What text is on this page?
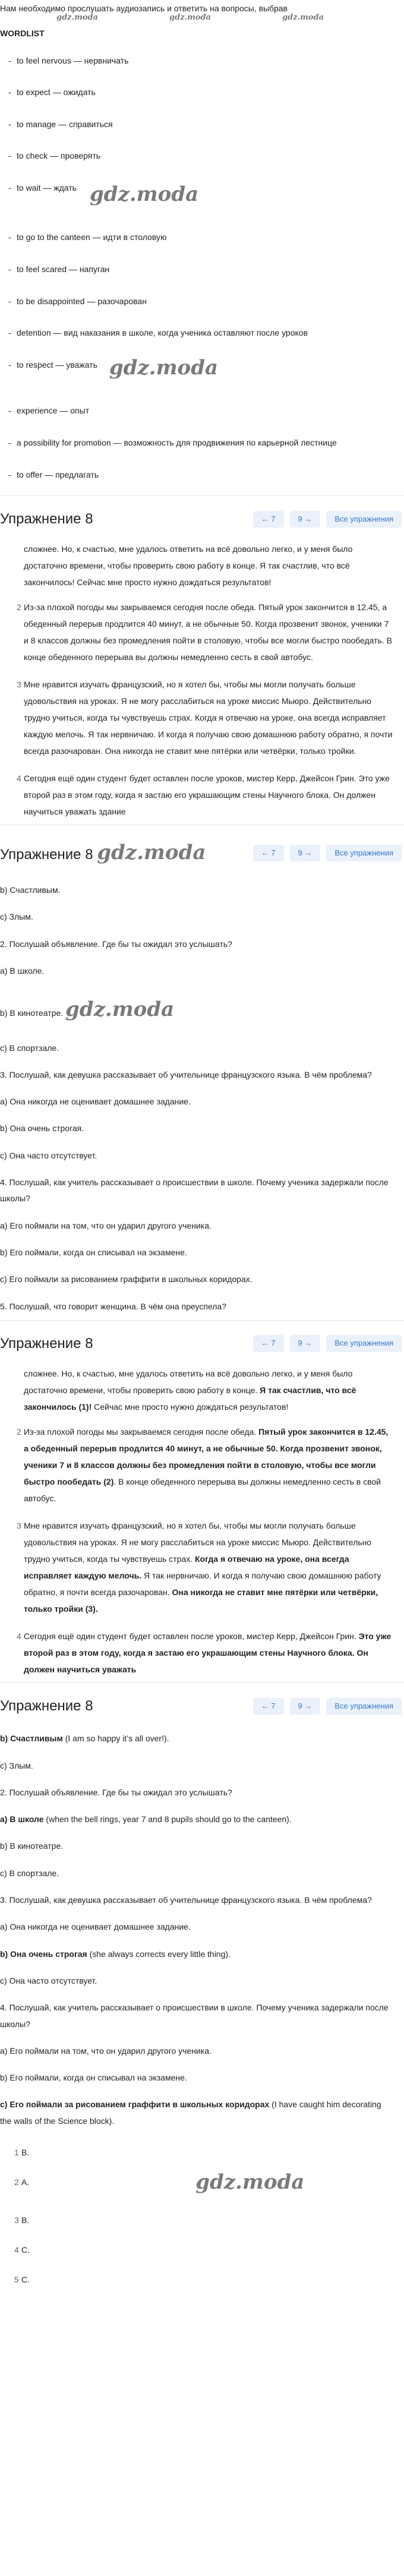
Нам необходимо прослушать аудиозапись и ответить на вопросы, выбрав

gdz.moda	gdz.moda	gdz.moda
WORDLIST
- to feel nervous — нервничать
- to expect — ожидать
- to manage — справиться
- to check — проверять
- to wait — ждать gdz.moda
- to go to the canteen — идти в столовую
- to feel scared — напуган
- to be disappointed — разочарован
- detention — вид наказания в школе, когда ученика оставляют после уроков
- to respect — уважать gdz.moda
- experience — опыт
- a possibility for promotion — возможность для продвижения по карьерной лестнице
- to offer — предлагать
Упражнение 8	← 7	9 →	Все упражнения

сложнее. Но, к счастью, мне удалось ответить на всё довольно легко, и у меня было достаточно времени, чтобы проверить свою работу в конце. Я так счастлив, что всё закончилось! Сейчас мне просто нужно дождаться результатов!

2 Из-за плохой погоды мы закрываемся сегодня после обеда. Пятый урок закончится в 12.45, а обеденный перерыв продлится 40 минут, а не обычные 50. Когда прозвенит звонок, ученики 7 и 8 классов должны без промедления пойти в столовую, чтобы все могли быстро пообедать. В конце обеденного перерыва вы должны немедленно сесть в свой автобус.
3 Мне нравится изучать французский, но я хотел бы, чтобы мы могли получать больше удовольствия на уроках. Я не могу расслабиться на уроке миссис Мьюро. Действительно трудно учиться, когда ты чувствуешь страх. Когда я отвечаю на уроке, она всегда исправляет каждую мелочь. Я так нервничаю. И когда я получаю свою домашнюю работу обратно, я почти всегда разочарован. Она никогда не ставит мне пятёрки или четвёрки, только тройки.
4 Сегодня ещё один студент будет оставлен после уроков, мистер Керр, Джейсон Грин. Это уже второй раз в этом году, когда я застаю его украшающим стены Научного блока. Он должен научиться уважать здание
Упражнение 8 gdz.moda	← 7	9 →	Все упражнения

b) Счастливым.

c) Злым.

2. Послушай объявление. Где бы ты ожидал это услышать?

a) В школе.

b) В кинотеатре. gdz.moda

c) В спортзале.

3. Послушай, как девушка рассказывает об учительнице французского языка. В чём проблема?

a) Она никогда не оценивает домашнее задание.

b) Она очень строгая.

c) Она часто отсутствует.

4. Послушай, как учитель рассказывает о происшествии в школе. Почему ученика задержали после школы?

a) Его поймали на том, что он ударил другого ученика.

b) Его поймали, когда он списывал на экзамене.

c) Его поймали за рисованием граффити в школьных коридорах.

5. Послушай, что говорит женщина. В чём она преуспела?

Упражнение 8	← 7	9 →	Все упражнения

сложнее. Но, к счастью, мне удалось ответить на всё довольно легко, и у меня было достаточно времени, чтобы проверить свою работу в конце. Я так счастлив, что всё закончилось (1)! Сейчас мне просто нужно дождаться результатов!

2 Из-за плохой погоды мы закрываемся сегодня после обеда. Пятый урок закончится в 12.45, а обеденный перерыв продлится 40 минут, а не обычные 50. Когда прозвенит звонок, ученики 7 и 8 классов должны без промедления пойти в столовую, чтобы все могли быстро пообедать (2). В конце обеденного перерыва вы должны немедленно сесть в свой автобус.
3 Мне нравится изучать французский, но я хотел бы, чтобы мы могли получать больше удовольствия на уроках. Я не могу расслабиться на уроке миссис Мьюро. Действительно трудно учиться, когда ты чувствуешь страх. Когда я отвечаю на уроке, она всегда исправляет каждую мелочь. Я так нервничаю. И когда я получаю свою домашнюю работу обратно, я почти всегда разочарован. Она никогда не ставит мне пятёрки или четвёрки, только тройки (3).
4 Сегодня ещё один студент будет оставлен после уроков, мистер Керр, Джейсон Грин. Это уже второй раз в этом году, когда я застаю его украшающим стены Научного блока. Он должен научиться уважать
Упражнение 8	← 7	9 →	Все упражнения

b) Счастливым (I am so happy it’s all over!).

c) Злым.

2. Послушай объявление. Где бы ты ожидал это услышать?

a) В школе (when the bell rings, year 7 and 8 pupils should go to the canteen).

b) В кинотеатре.

c) В спортзале.

3. Послушай, как девушка рассказывает об учительнице французского языка. В чём проблема?

a) Она никогда не оценивает домашнее задание.

b) Она очень строгая (she always corrects every little thing).

c) Она часто отсутствует.

4. Послушай, как учитель рассказывает о происшествии в школе. Почему ученика задержали после школы?

a) Его поймали на том, что он ударил другого ученика.

b) Его поймали, когда он списывал на экзамене.

c) Его поймали за рисованием граффити в школьных коридорах (I have caught him decorating the walls of the Science block).

1 B.
2 A.	gdz.moda
3 B.
4 C.
5 C.
